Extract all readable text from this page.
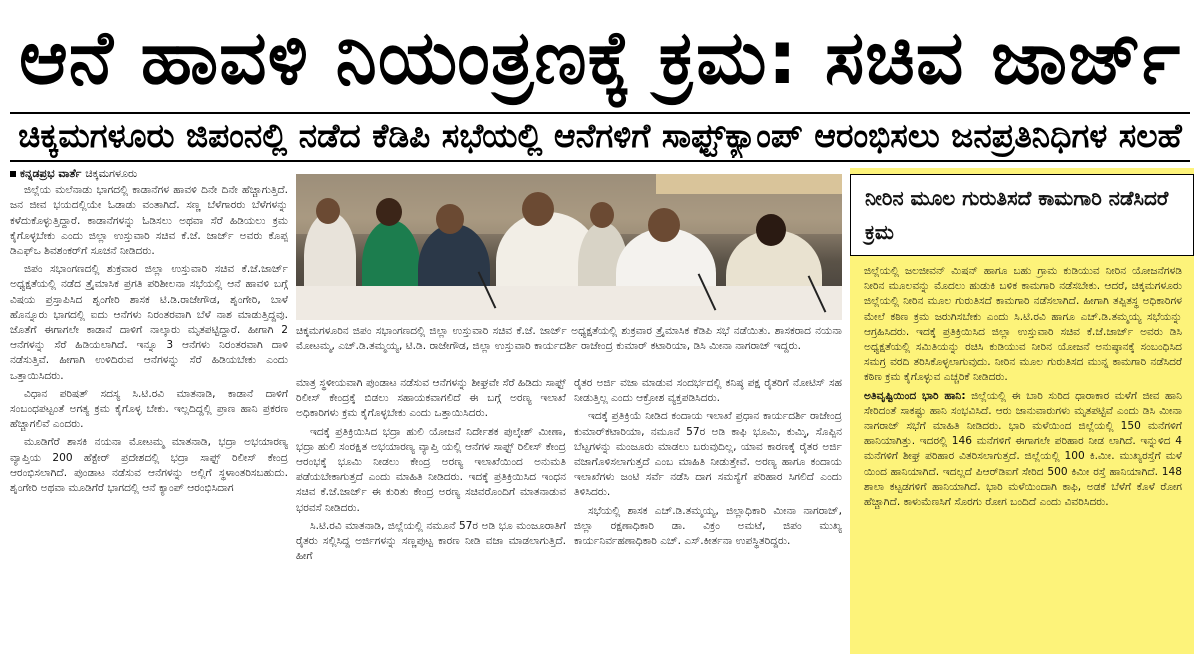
ಆನೆ ಹಾವಳಿ ನಿಯಂತ್ರಣಕ್ಕೆ ಕ್ರಮ: ಸಚಿವ ಜಾರ್ಜ್
ಚಿಕ್ಕಮಗಳೂರು ಜಿಪಂನಲ್ಲಿ ನಡೆದ ಕೆಡಿಪಿ ಸಭೆಯಲ್ಲಿ ಆನೆಗಳಿಗೆ ಸಾಫ್ಟ್‌ಕ್ಯಾಂಪ್ ಆರಂಭಿಸಲು ಜನಪ್ರತಿನಿಧಿಗಳ ಸಲಹೆ
ಕನ್ನಡಪ್ರಭ ವಾರ್ತೆ ಚಿಕ್ಕಮಗಳೂರು

ಜಿಲ್ಲೆಯ ಮಲೆನಾಡು ಭಾಗದಲ್ಲಿ ಕಾಡಾನೆಗಳ ಹಾವಳಿ ದಿನೇ ದಿನೇ ಹೆಚ್ಚಾಗುತ್ತಿದೆ. ಜನ ಜೀವ ಭಯದಲ್ಲಿಯೇ ಓಡಾಡು ವಂತಾಗಿದೆ. ಸಣ್ಣ ಬೆಳೆಗಾರರು ಬೆಳೆಗಳನ್ನು ಕಳೆದುಕೊಳ್ಳುತ್ತಿದ್ದಾರೆ. ಕಾಡಾನೆಗಳನ್ನು ಓಡಿಸಲು ಅಥವಾ ಸೆರೆ ಹಿಡಿಯಲು ಕ್ರಮ ಕೈಗೊಳ್ಳಬೇಕು ಎಂದು ಜಿಲ್ಲಾ ಉಸ್ತುವಾರಿ ಸಚಿವ ಕೆ.ಜೆ. ಜಾರ್ಜ್ ಅವರು ಕೊಪ್ಪ ಡಿಎಫ್‌ಒ ಶಿವಶಂಕರ್‌ಗೆ ಸೂಚನೆ ನೀಡಿದರು.

ಜಿಪಂ ಸಭಾಂಗಣದಲ್ಲಿ ಶುಕ್ರವಾರ ಜಿಲ್ಲಾ ಉಸ್ತುವಾರಿ ಸಚಿವ ಕೆ.ಜೆ.ಜಾರ್ಜ್ ಅಧ್ಯಕ್ಷತೆಯಲ್ಲಿ ನಡೆದ ತ್ರೈಮಾಸಿಕ ಪ್ರಗತಿ ಪರಿಶೀಲನಾ ಸಭೆಯಲ್ಲಿ ಆನೆ ಹಾವಳಿ ಬಗ್ಗೆ ವಿಷಯ ಪ್ರಸ್ತಾಪಿಸಿದ ಶೃಂಗೇರಿ ಶಾಸಕ ಟಿ.ಡಿ.ರಾಜೇಗೌಡ, ಶೃಂಗೇರಿ, ಬಾಳೆ ಹೊನ್ನೂರು ಭಾಗದಲ್ಲಿ ಐದು ಆನೆಗಳು ನಿರಂತರವಾಗಿ ಬೆಳೆ ನಾಶ ಮಾಡುತ್ತಿದ್ದವು. ಜೊತೆಗೆ ಈಗಾಗಲೇ ಕಾಡಾನೆ ದಾಳಿಗೆ ನಾಲ್ಕಾರು ಮೃತಪಟ್ಟಿದ್ದಾರೆ. ಹೀಗಾಗಿ 2 ಆನೆಗಳನ್ನು ಸೆರೆ ಹಿಡಿಯಲಾಗಿದೆ. ಇನ್ನೂ 3 ಆನೆಗಳು ನಿರಂತರವಾಗಿ ದಾಳಿ ನಡೆಸುತ್ತಿವೆ. ಹೀಗಾಗಿ ಉಳಿದಿರುವ ಆನೆಗಳನ್ನು ಸೆರೆ ಹಿಡಿಯಬೇಕು ಎಂದು ಒತ್ತಾಯಿಸಿದರು.

ವಿಧಾನ ಪರಿಷತ್ ಸದಸ್ಯ ಸಿ.ಟಿ.ರವಿ ಮಾತನಾಡಿ, ಕಾಡಾನೆ ದಾಳಿಗೆ ಸಂಬಂಧಪಟ್ಟಂತೆ ಅಗತ್ಯ ಕ್ರಮ ಕೈಗೊಳ್ಳ ಬೇಕು. ಇಲ್ಲದಿದ್ದಲ್ಲಿ ಪ್ರಾಣ ಹಾನಿ ಪ್ರಕರಣ ಹೆಚ್ಚಾಗಲಿವೆ ಎಂದರು.

ಮೂಡಿಗೆರೆ ಶಾಸಕಿ ನಯನಾ ಮೋಟಮ್ಮ ಮಾತನಾಡಿ, ಭದ್ರಾ ಅಭಯಾರಣ್ಯ ವ್ಯಾಪ್ತಿಯ 200 ಹೆಕ್ಟೇರ್ ಪ್ರದೇಶದಲ್ಲಿ ಭದ್ರಾ ಸಾಫ್ಟ್ ರಿಲೀಸ್ ಕೇಂದ್ರ ಆರಂಭಿಸಲಾಗಿದೆ. ಪುಂಡಾಟ ನಡೆಸುವ ಆನೆಗಳನ್ನು ಅಲ್ಲಿಗೆ ಸ್ಥಳಾಂತರಿಸಬಹುದು. ಶೃಂಗೇರಿ ಅಥವಾ ಮೂಡಿಗೆರೆ ಭಾಗದಲ್ಲಿ ಆನೆ ಕ್ಯಾಂಪ್ ಆರಂಭಿಸಿದಾಗ

ಚಿಕ್ಕಮಗಳೂರಿನ ಜಿಪಂ ಸಭಾಂಗಣದಲ್ಲಿ ಜಿಲ್ಲಾ ಉಸ್ತುವಾರಿ ಸಚಿವ ಕೆ.ಜೆ. ಜಾರ್ಜ್ ಅಧ್ಯಕ್ಷತೆಯಲ್ಲಿ ಶುಕ್ರವಾರ ತ್ರೈಮಾಸಿಕ ಕೆಡಿಪಿ ಸಭೆ ನಡೆಯಿತು. ಶಾಸಕರಾದ ನಯನಾ ಮೋಟಮ್ಮ, ಎಚ್.ಡಿ.ತಮ್ಮಯ್ಯ, ಟಿ.ಡಿ. ರಾಜೇಗೌಡ, ಜಿಲ್ಲಾ ಉಸ್ತುವಾರಿ ಕಾರ್ಯದರ್ಶಿ ರಾಜೇಂದ್ರ ಕುಮಾರ್ ಕಟಾರಿಯಾ, ಡಿಸಿ ಮೀನಾ ನಾಗರಾಜ್ ಇದ್ದರು.

ಮಾತ್ರ ಸ್ಥಳೀಯವಾಗಿ ಪುಂಡಾಟ ನಡೆಸುವ ಆನೆಗಳನ್ನು ಶೀಘ್ರವೇ ಸೆರೆ ಹಿಡಿದು ಸಾಫ್ಟ್ ರಿಲೀಸ್ ಕೇಂದ್ರಕ್ಕೆ ಬಿಡಲು ಸಹಾಯಕವಾಗಲಿದೆ ಈ ಬಗ್ಗೆ ಅರಣ್ಯ ಇಲಾಖೆ ಅಧಿಕಾರಿಗಳು ಕ್ರಮ ಕೈಗೊಳ್ಳಬೇಕು ಎಂದು ಒತ್ತಾಯಿಸಿದರು.

ಇದಕ್ಕೆ ಪ್ರತಿಕ್ರಿಯಿಸಿದ ಭದ್ರಾ ಹುಲಿ ಯೋಜನೆ ನಿರ್ದೇಶಕ ಪುಲ್ಕೇಶ್ ಮೀಣಾ, ಭದ್ರಾ ಹುಲಿ ಸಂರಕ್ಷಿತ ಅಭಯಾರಣ್ಯ ವ್ಯಾಪ್ತಿ ಯಲ್ಲಿ ಆನೆಗಳ ಸಾಫ್ಟ್ ರಿಲೀಸ್ ಕೇಂದ್ರ ಆರಂಭಕ್ಕೆ ಭೂಮಿ ನೀಡಲು ಕೇಂದ್ರ ಅರಣ್ಯ ಇಲಾಖೆಯಿಂದ ಅನುಮತಿ ಪಡೆಯಬೇಕಾಗುತ್ತದೆ ಎಂದು ಮಾಹಿತಿ ನೀಡಿದರು. ಇದಕ್ಕೆ ಪ್ರತಿಕ್ರಿಯಿಸಿದ ಇಂಧನ ಸಚಿವ ಕೆ.ಜೆ.ಜಾರ್ಜ್ ಈ ಕುರಿತು ಕೇಂದ್ರ ಅರಣ್ಯ ಸಚಿವರೊಂದಿಗೆ ಮಾತನಾಡುವ ಭರವಸೆ ನೀಡಿದರು.

ಸಿ.ಟಿ.ರವಿ ಮಾತನಾಡಿ, ಜಿಲ್ಲೆಯಲ್ಲಿ ನಮೂನೆ 57ರ ಅಡಿ ಭೂ ಮಂಜೂರಾತಿಗೆ ರೈತರು ಸಲ್ಲಿಸಿದ್ದ ಅರ್ಜಿಗಳನ್ನು ಸಣ್ಣಪುಟ್ಟ ಕಾರಣ ನೀಡಿ ವಜಾ ಮಾಡಲಾಗುತ್ತಿದೆ. ಹೀಗೆ

ರೈತರ ಅರ್ಜಿ ವಜಾ ಮಾಡುವ ಸಂದರ್ಭದಲ್ಲಿ ಕನಿಷ್ಠ ಪಕ್ಷ ರೈತರಿಗೆ ನೋಟಿಸ್ ಸಹ ನೀಡುತ್ತಿಲ್ಲ ಎಂದು ಆಕ್ರೋಶ ವ್ಯಕ್ತಪಡಿಸಿದರು.

ಇದಕ್ಕೆ ಪ್ರತಿಕ್ರಿಯೆ ನೀಡಿದ ಕಂದಾಯ ಇಲಾಖೆ ಪ್ರಧಾನ ಕಾರ್ಯದರ್ಶಿ ರಾಜೇಂದ್ರ ಕುಮಾರ್‌ಕಟಾರಿಯಾ, ನಮೂನೆ 57ರ ಅಡಿ ಕಾಫಿ ಭೂಮಿ, ಕುಮ್ಕಿ, ಸೊಪ್ಪಿನ ಬೆಟ್ಟಗಳನ್ನು ಮಂಜೂರು ಮಾಡಲು ಬರುವುದಿಲ್ಲ, ಯಾವ ಕಾರಣಕ್ಕೆ ರೈತರ ಅರ್ಜಿ ವಜಾಗೊಳಿಸಲಾಗುತ್ತದೆ ಎಂಬ ಮಾಹಿತಿ ನೀಡುತ್ತೇವೆ. ಅರಣ್ಯ ಹಾಗೂ ಕಂದಾಯ ಇಲಾಖೆಗಳು ಜಂಟಿ ಸರ್ವೆ ನಡೆಸಿ ದಾಗ ಸಮಸ್ಯೆಗೆ ಪರಿಹಾರ ಸಿಗಲಿದೆ ಎಂದು ತಿಳಿಸಿದರು.

ಸಭೆಯಲ್ಲಿ ಶಾಸಕ ಎಚ್.ಡಿ.ತಮ್ಮಯ್ಯ, ಜಿಲ್ಲಾಧಿಕಾರಿ ಮೀನಾ ನಾಗರಾಜ್, ಜಿಲ್ಲಾ ರಕ್ಷಣಾಧಿಕಾರಿ ಡಾ. ವಿಕ್ರಂ ಅಮಟೆ, ಜಿಪಂ ಮುಖ್ಯ ಕಾರ್ಯನಿರ್ವಹಣಾಧಿಕಾರಿ ಎಚ್. ಎಸ್.ಕೀರ್ತನಾ ಉಪಸ್ಥಿತರಿದ್ದರು.

ನೀರಿನ ಮೂಲ ಗುರುತಿಸದೆ ಕಾಮಗಾರಿ ನಡೆಸಿದರೆ ಕ್ರಮ

ಜಿಲ್ಲೆಯಲ್ಲಿ ಜಲಜೀವನ್ ಮಿಷನ್ ಹಾಗೂ ಬಹು ಗ್ರಾಮ ಕುಡಿಯುವ ನೀರಿನ ಯೋಜನೆಗಳಡಿ ನೀರಿನ ಮೂಲವನ್ನು ಮೊದಲು ಹುಡುಕಿ ಬಳಿಕ ಕಾಮಗಾರಿ ನಡೆಸಬೇಕು. ಆದರೆ, ಚಿಕ್ಕಮಗಳೂರು ಜಿಲ್ಲೆಯಲ್ಲಿ ನೀರಿನ ಮೂಲ ಗುರುತಿಸದೆ ಕಾಮಗಾರಿ ನಡೆಸಲಾಗಿದೆ. ಹೀಗಾಗಿ ತಪ್ಪಿತಸ್ಥ ಅಧಿಕಾರಿಗಳ ಮೇಲೆ ಕಠಿಣ ಕ್ರಮ ಜರುಗಿಸಬೇಕು ಎಂದು ಸಿ.ಟಿ.ರವಿ ಹಾಗೂ ಎಚ್.ಡಿ.ತಮ್ಮಯ್ಯ ಸಭೆಯನ್ನು ಆಗ್ರಹಿಸಿದರು. ಇದಕ್ಕೆ ಪ್ರತಿಕ್ರಿಯಿಸಿದ ಜಿಲ್ಲಾ ಉಸ್ತುವಾರಿ ಸಚಿವ ಕೆ.ಜೆ.ಜಾರ್ಜ್ ಅವರು ಡಿಸಿ ಅಧ್ಯಕ್ಷತೆಯಲ್ಲಿ ಸಮಿತಿಯನ್ನು ರಚಿಸಿ ಕುಡಿಯುವ ನೀರಿನ ಯೋಜನೆ ಅನುಷ್ಠಾನಕ್ಕೆ ಸಂಬಂಧಿಸಿದ ಸಮಗ್ರ ವರದಿ ತರಿಸಿಕೊಳ್ಳಲಾಗುವುದು. ನೀರಿನ ಮೂಲ ಗುರುತಿಸದ ಮುನ್ನ ಕಾಮಗಾರಿ ನಡೆಸಿದರೆ ಕಠಿಣ ಕ್ರಮ ಕೈಗೊಳ್ಳುವ ಎಚ್ಚರಿಕೆ ನೀಡಿದರು.

ಅತಿವೃಷ್ಟಿಯಿಂದ ಭಾರಿ ಹಾನಿ: ಜಿಲ್ಲೆಯಲ್ಲಿ ಈ ಬಾರಿ ಸುರಿದ ಧಾರಾಕಾರ ಮಳೆಗೆ ಜೀವ ಹಾನಿ ಸೇರಿದಂತೆ ಸಾಕಷ್ಟು ಹಾನಿ ಸಂಭವಿಸಿದೆ. ಆರು ಜಾನುವಾರುಗಳು ಮೃತಪಟ್ಟಿವೆ ಎಂದು ಡಿಸಿ ಮೀನಾ ನಾಗರಾಜ್ ಸಭೆಗೆ ಮಾಹಿತಿ ನೀಡಿದರು. ಭಾರಿ ಮಳೆಯಿಂದ ಜಿಲ್ಲೆಯಲ್ಲಿ 150 ಮನೆಗಳಿಗೆ ಹಾನಿಯಾಗಿತ್ತು. ಇದರಲ್ಲಿ 146 ಮನೆಗಳಿಗೆ ಈಗಾಗಲೇ ಪರಿಹಾರ ನೀಡ ಲಾಗಿದೆ. ಇನ್ನುಳಿದ 4 ಮನೆಗಳಿಗೆ ಶೀಘ್ರ ಪರಿಹಾರ ವಿತರಿಸಲಾಗುತ್ತದೆ. ಜಿಲ್ಲೆಯಲ್ಲಿ 100 ಕಿ.ಮೀ. ಮುಖ್ಯರಸ್ತೆಗೆ ಮಳೆ ಯಿಂದ ಹಾನಿಯಾಗಿದೆ. ಇದಲ್ಲದೆ ಪಿಆರ್‌ಡಿಐಗೆ ಸೇರಿದ 500 ಕಿಮೀ ರಸ್ತೆ ಹಾನಿಯಾಗಿದೆ. 148 ಶಾಲಾ ಕಟ್ಟಡಗಳಿಗೆ ಹಾನಿಯಾಗಿದೆ. ಭಾರಿ ಮಳೆಯಿಂದಾಗಿ ಕಾಫಿ, ಅಡಕೆ ಬೆಳೆಗೆ ಕೊಳೆ ರೋಗ ಹೆಚ್ಚಾಗಿದೆ. ಕಾಳುಮೆಣಸಿಗೆ ಸೊರಗು ರೋಗ ಬಂದಿದೆ ಎಂದು ವಿವರಿಸಿದರು.
